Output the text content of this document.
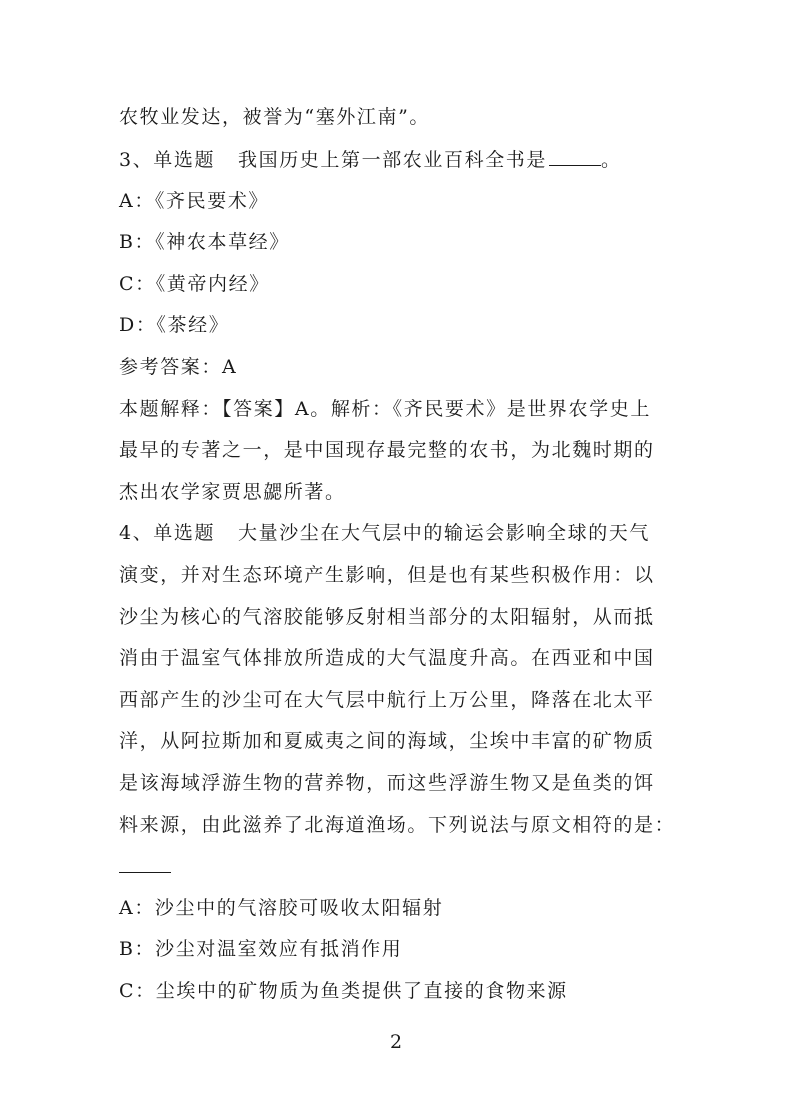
农牧业发达，被誉为“塞外江南”。
3、单选题   我国历史上第一部农业百科全书是	。
A：《齐民要术》
B：《神农本草经》
C：《黄帝内经》
D：《茶经》
参考答案：A
本题解释：【答案】A。解析：《齐民要术》是世界农学史上
最早的专著之一，是中国现存最完整的农书，为北魏时期的
杰出农学家贾思勰所著。
4、单选题   大量沙尘在大气层中的输运会影响全球的天气
演变，并对生态环境产生影响，但是也有某些积极作用：以
沙尘为核心的气溶胶能够反射相当部分的太阳辐射，从而抵
消由于温室气体排放所造成的大气温度升高。在西亚和中国
西部产生的沙尘可在大气层中航行上万公里，降落在北太平
洋，从阿拉斯加和夏威夷之间的海域，尘埃中丰富的矿物质
是该海域浮游生物的营养物，而这些浮游生物又是鱼类的饵
料来源，由此滋养了北海道渔场。下列说法与原文相符的是：
A：沙尘中的气溶胶可吸收太阳辐射
B：沙尘对温室效应有抵消作用
C：尘埃中的矿物质为鱼类提供了直接的食物来源
2
